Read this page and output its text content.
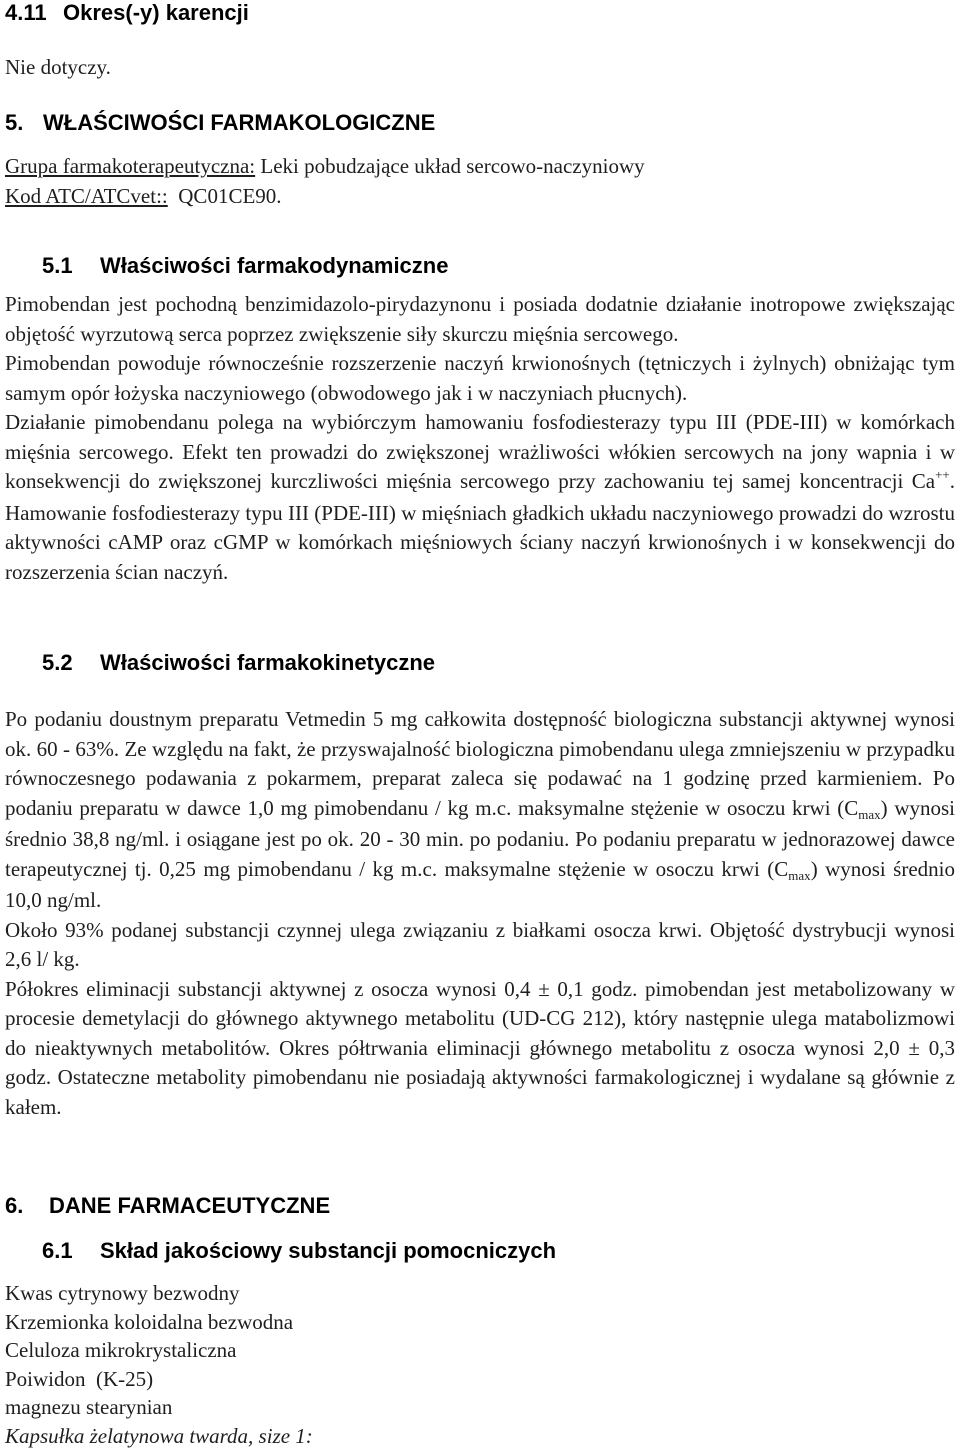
4.11 Okres(-y) karencji
Nie dotyczy.
5. WŁAŚCIWOŚCI FARMAKOLOGICZNE
Grupa farmakoterapeutyczna: Leki pobudzające układ sercowo-naczyniowy
Kod ATC/ATCvet::  QC01CE90.
5.1 Właściwości farmakodynamiczne

Pimobendan jest pochodną benzimidazolo-pirydazynonu i posiada dodatnie działanie inotropowe zwiększając objętość wyrzutową serca poprzez zwiększenie siły skurczu mięśnia sercowego.

Pimobendan powoduje równocześnie rozszerzenie naczyń krwionośnych (tętniczych i żylnych) obniżając tym samym opór łożyska naczyniowego (obwodowego jak i w naczyniach płucnych).

Działanie pimobendanu polega na wybiórczym hamowaniu fosfodiesterazy typu III (PDE-III) w komórkach mięśnia sercowego. Efekt ten prowadzi do zwiększonej wrażliwości włókien sercowych na jony wapnia i w konsekwencji do zwiększonej kurczliwości mięśnia sercowego przy zachowaniu tej samej koncentracji Ca++. Hamowanie fosfodiesterazy typu III (PDE-III) w mięśniach gładkich układu naczyniowego prowadzi do wzrostu aktywności cAMP oraz cGMP w komórkach mięśniowych ściany naczyń krwionośnych i w konsekwencji do rozszerzenia ścian naczyń.

5.2 Właściwości farmakokinetyczne

Po podaniu doustnym preparatu Vetmedin 5 mg całkowita dostępność biologiczna substancji aktywnej wynosi ok. 60 - 63%. Ze względu na fakt, że przyswajalność biologiczna pimobendanu ulega zmniejszeniu w przypadku równoczesnego podawania z pokarmem, preparat zaleca się podawać na 1 godzinę przed karmieniem. Po podaniu preparatu w dawce 1,0 mg pimobendanu / kg m.c. maksymalne stężenie w osoczu krwi (Cmax) wynosi średnio 38,8 ng/ml. i osiągane jest po ok. 20 - 30 min. po podaniu. Po podaniu preparatu w jednorazowej dawce terapeutycznej tj. 0,25 mg pimobendanu / kg m.c. maksymalne stężenie w osoczu krwi (Cmax) wynosi średnio 10,0 ng/ml.

Około 93% podanej substancji czynnej ulega związaniu z białkami osocza krwi. Objętość dystrybucji wynosi 2,6 l/ kg.

Półokres eliminacji substancji aktywnej z osocza wynosi 0,4 ± 0,1 godz. pimobendan jest metabolizowany w procesie demetylacji do głównego aktywnego metabolitu (UD-CG 212), który następnie ulega matabolizmowi do nieaktywnych metabolitów. Okres półtrwania eliminacji głównego metabolitu z osocza wynosi 2,0 ± 0,3 godz. Ostateczne metabolity pimobendanu nie posiadają aktywności farmakologicznej i wydalane są głównie z kałem.

6. DANE FARMACEUTYCZNE
6.1 Skład jakościowy substancji pomocniczych
Kwas cytrynowy bezwodny
Krzemionka koloidalna bezwodna
Celuloza mikrokrystaliczna
Poiwidon  (K-25)
magnezu stearynian
Kapsułka żelatynowa twarda, size 1:
